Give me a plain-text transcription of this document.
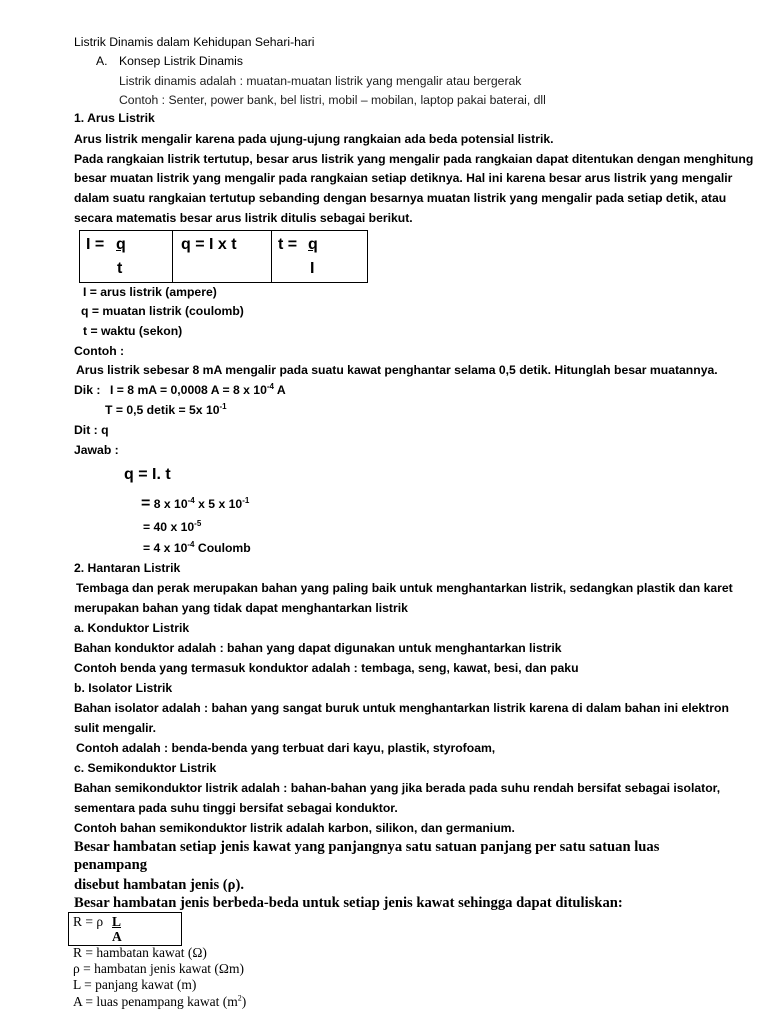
Listrik Dinamis dalam Kehidupan Sehari-hari
A. Konsep Listrik Dinamis
Listrik dinamis adalah : muatan-muatan listrik yang mengalir atau bergerak
Contoh : Senter, power bank, bel listri, mobil – mobilan, laptop pakai baterai, dll
1. Arus Listrik
Arus listrik mengalir karena pada ujung-ujung rangkaian ada beda potensial listrik.
Pada rangkaian listrik tertutup, besar arus listrik yang mengalir pada rangkaian dapat ditentukan dengan menghitung
besar muatan listrik yang mengalir pada rangkaian setiap detiknya. Hal ini karena besar arus listrik yang mengalir
dalam suatu rangkaian tertutup sebanding dengan besarnya muatan listrik yang mengalir pada setiap detik, atau
secara matematis besar arus listrik ditulis sebagai berikut.
I = q
t
q = I x t	t = q
I
I = arus listrik (ampere)
q = muatan listrik (coulomb)
t = waktu (sekon)
Contoh :
Arus listrik sebesar 8 mA mengalir pada suatu kawat penghantar selama 0,5 detik. Hitunglah besar muatannya.
Dik : I = 8 mA = 0,0008 A = 8 x $10^{-4}$ A
T = 0,5 detik = 5x $10^{-1}$
Dit : q
Jawab :
q = I. t
= 8 x $10^{-4}$ x 5 x $10^{-1}$
= 40 x $10^{-5}$
= 4 x $10^{-4}$ Coulomb
2. Hantaran Listrik
Tembaga dan perak merupakan bahan yang paling baik untuk menghantarkan listrik, sedangkan plastik dan karet
merupakan bahan yang tidak dapat menghantarkan listrik
a. Konduktor Listrik
Bahan konduktor adalah : bahan yang dapat digunakan untuk menghantarkan listrik
Contoh benda yang termasuk konduktor adalah : tembaga, seng, kawat, besi, dan paku
b. Isolator Listrik
Bahan isolator adalah : bahan yang sangat buruk untuk menghantarkan listrik karena di dalam bahan ini elektron
sulit mengalir.
Contoh adalah : benda-benda yang terbuat dari kayu, plastik, styrofoam,
c. Semikonduktor Listrik
Bahan semikonduktor listrik adalah : bahan-bahan yang jika berada pada suhu rendah bersifat sebagai isolator,
sementara pada suhu tinggi bersifat sebagai konduktor.
Contoh bahan semikonduktor listrik adalah karbon, silikon, dan germanium.
Besar hambatan setiap jenis kawat yang panjangnya satu satuan panjang per satu satuan luas
penampang
disebut hambatan jenis (ρ).
Besar hambatan jenis berbeda-beda untuk setiap jenis kawat sehingga dapat dituliskan:
R = ρ L
A
R = hambatan kawat (Ω)
ρ = hambatan jenis kawat (Ωm)
L = panjang kawat (m)
A = luas penampang kawat $(m^2)$
